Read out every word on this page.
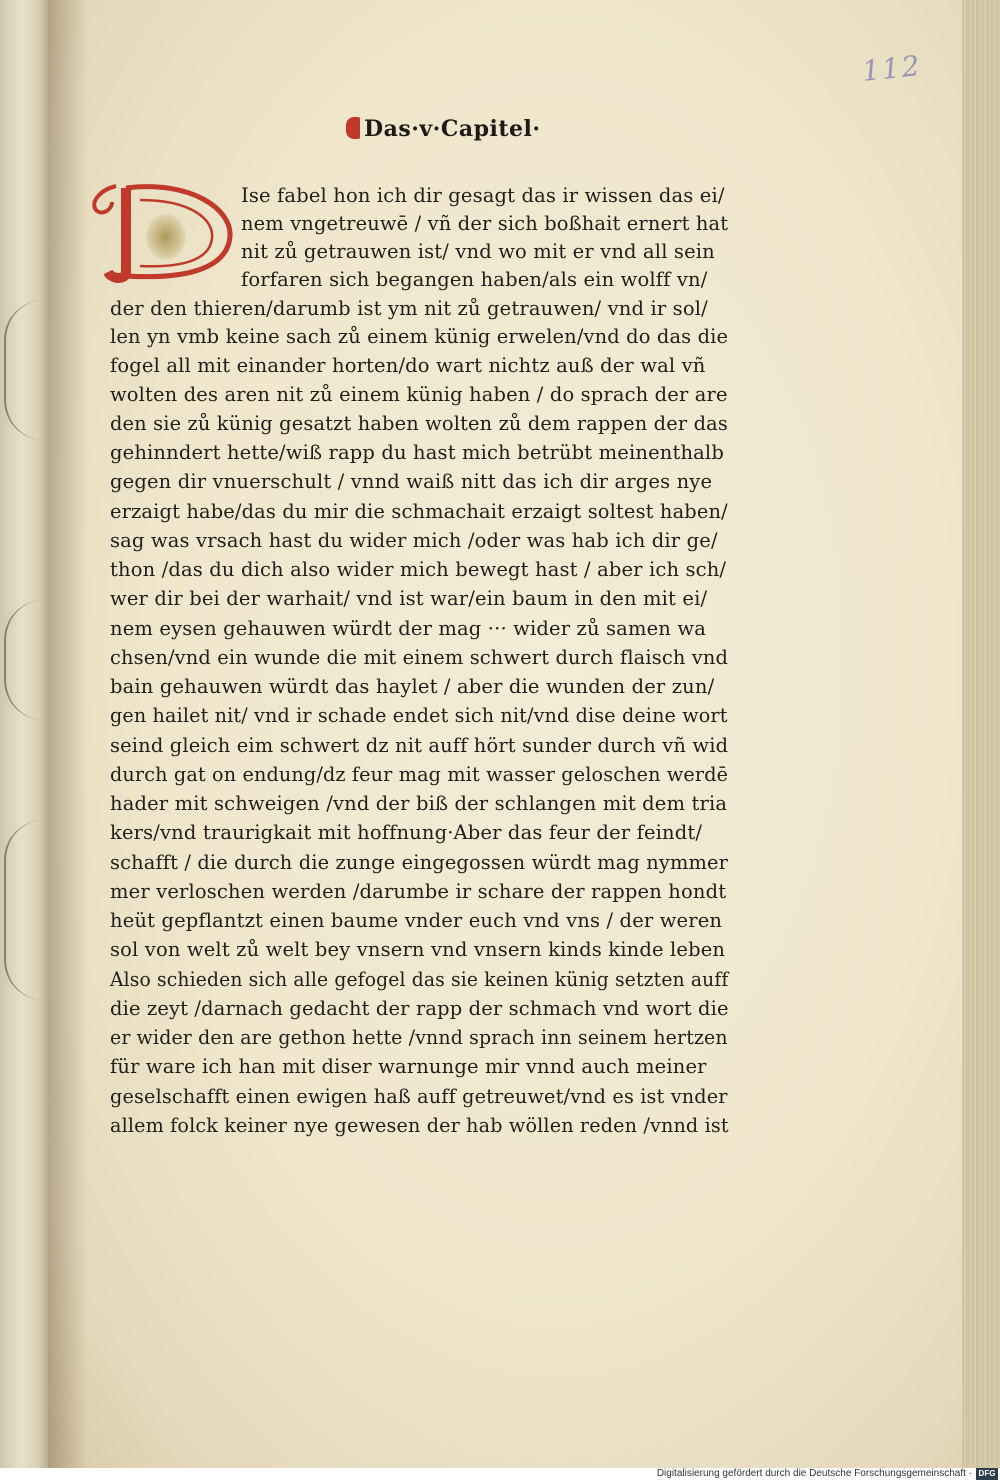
112
Das·v·Capitel·
D
Ise fabel hon ich dir gesagt das ir wissen das ei/
nem vngetreuwē / vñ der sich boßhait ernert hat
nit zů getrauwen ist/ vnd wo mit er vnd all sein
forfaren sich begangen haben/als ein wolff vn/
der den thieren/darumb ist ym nit zů getrauwen/ vnd ir sol/
len yn vmb keine sach zů einem künig erwelen/vnd do das die
fogel all mit einander horten/do wart nichtz auß der wal vñ
wolten des aren nit zů einem künig haben / do sprach der are
den sie zů künig gesatzt haben wolten zů dem rappen der das
gehinndert hette/wiß rapp du hast mich betrübt meinenthalb
gegen dir vnuerschult / vnnd waiß nitt das ich dir arges nye
erzaigt habe/das du mir die schmachait erzaigt soltest haben/
sag was vrsach hast du wider mich /oder was hab ich dir ge/
thon /das du dich also wider mich bewegt hast / aber ich sch/
wer dir bei der warhait/ vnd ist war/ein baum in den mit ei/
nem eysen gehauwen würdt der mag ··· wider zů samen wa
chsen/vnd ein wunde die mit einem schwert durch flaisch vnd
bain gehauwen würdt das haylet / aber die wunden der zun/
gen hailet nit/ vnd ir schade endet sich nit/vnd dise deine wort
seind gleich eim schwert dz nit auff hört sunder durch vñ wid
durch gat on endung/dz feur mag mit wasser geloschen werdē
hader mit schweigen /vnd der biß der schlangen mit dem tria
kers/vnd traurigkait mit hoffnung·Aber das feur der feindt/
schafft / die durch die zunge eingegossen würdt mag nymmer
mer verloschen werden /darumbe ir schare der rappen hondt
heüt gepflantzt einen baume vnder euch vnd vns / der weren
sol von welt zů welt bey vnsern vnd vnsern kinds kinde leben
Also schieden sich alle gefogel das sie keinen künig setzten auff
die zeyt /darnach gedacht der rapp der schmach vnd wort die
er wider den are gethon hette /vnnd sprach inn seinem hertzen
für ware ich han mit diser warnunge mir vnnd auch meiner
geselschafft einen ewigen haß auff getreuwet/vnd es ist vnder
allem folck keiner nye gewesen der hab wöllen reden /vnnd ist
Digitalisierung gefördert durch die Deutsche Forschungsgemeinschaft · DFG
